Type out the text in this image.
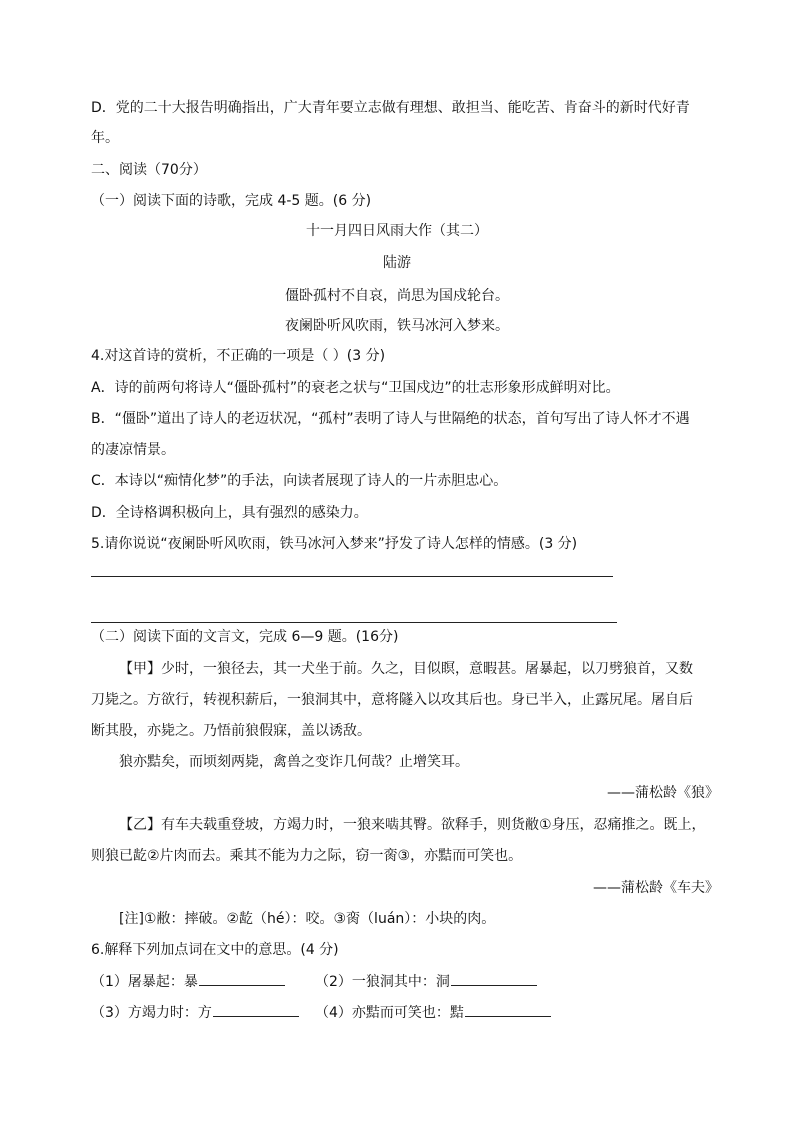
D．党的二十大报告明确指出，广大青年要立志做有理想、敢担当、能吃苦、肯奋斗的新时代好青
年。
二、阅读（70分）
（一）阅读下面的诗歌，完成 4-5 题。(6 分)
十一月四日风雨大作（其二）
陆游
僵卧孤村不自哀，尚思为国戍轮台。
夜阑卧听风吹雨，铁马冰河入梦来。
4.对这首诗的赏析，不正确的一项是（ ）(3 分)
A．诗的前两句将诗人“僵卧孤村”的衰老之状与“卫国戍边”的壮志形象形成鲜明对比。
B．“僵卧”道出了诗人的老迈状况，“孤村”表明了诗人与世隔绝的状态，首句写出了诗人怀才不遇
的凄凉情景。
C．本诗以“痴情化梦”的手法，向读者展现了诗人的一片赤胆忠心。
D．全诗格调积极向上，具有强烈的感染力。
5.请你说说“夜阑卧听风吹雨，铁马冰河入梦来”抒发了诗人怎样的情感。(3 分)
（二）阅读下面的文言文，完成 6—9 题。(16分)
【甲】少时，一狼径去，其一犬坐于前。久之，目似瞑，意暇甚。屠暴起，以刀劈狼首，又数
刀毙之。方欲行，转视积薪后，一狼洞其中，意将隧入以攻其后也。身已半入，止露尻尾。屠自后
断其股，亦毙之。乃悟前狼假寐，盖以诱敌。
狼亦黠矣，而顷刻两毙，禽兽之变诈几何哉？止增笑耳。
——蒲松龄《狼》
【乙】有车夫载重登坡，方竭力时，一狼来啮其臀。欲释手，则货敝①身压，忍痛推之。既上，
则狼已龁②片肉而去。乘其不能为力之际，窃一脔③，亦黠而可笑也。
——蒲松龄《车夫》
[注]①敝：摔破。②龁（hé）：咬。③脔（luán）：小块的肉。
6.解释下列加点词在文中的意思。(4 分)
（1）屠暴起：暴	（2）一狼洞其中：洞
（3）方竭力时：方	（4）亦黠而可笑也：黠
